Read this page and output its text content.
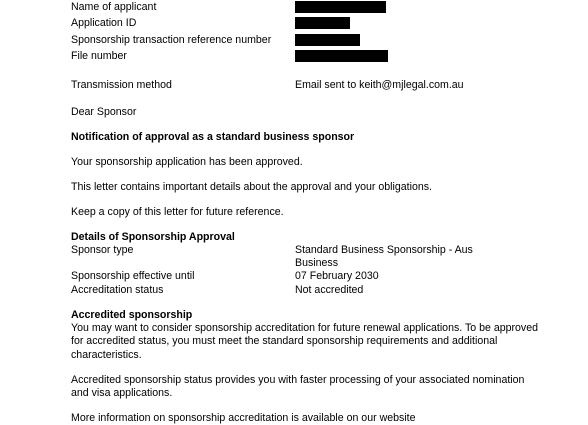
Name of applicant
Application ID
Sponsorship transaction reference number
File number
Transmission method	Email sent to keith@mjlegal.com.au
Dear Sponsor
Notification of approval as a standard business sponsor
Your sponsorship application has been approved.
This letter contains important details about the approval and your obligations.
Keep a copy of this letter for future reference.
Details of Sponsorship Approval
Sponsor type	Standard Business Sponsorship - Aus Business
Sponsorship effective until	07 February 2030
Accreditation status	Not accredited
Accredited sponsorship
You may want to consider sponsorship accreditation for future renewal applications. To be approved for accredited status, you must meet the standard sponsorship requirements and additional characteristics.
Accredited sponsorship status provides you with faster processing of your associated nomination and visa applications.
More information on sponsorship accreditation is available on our website
